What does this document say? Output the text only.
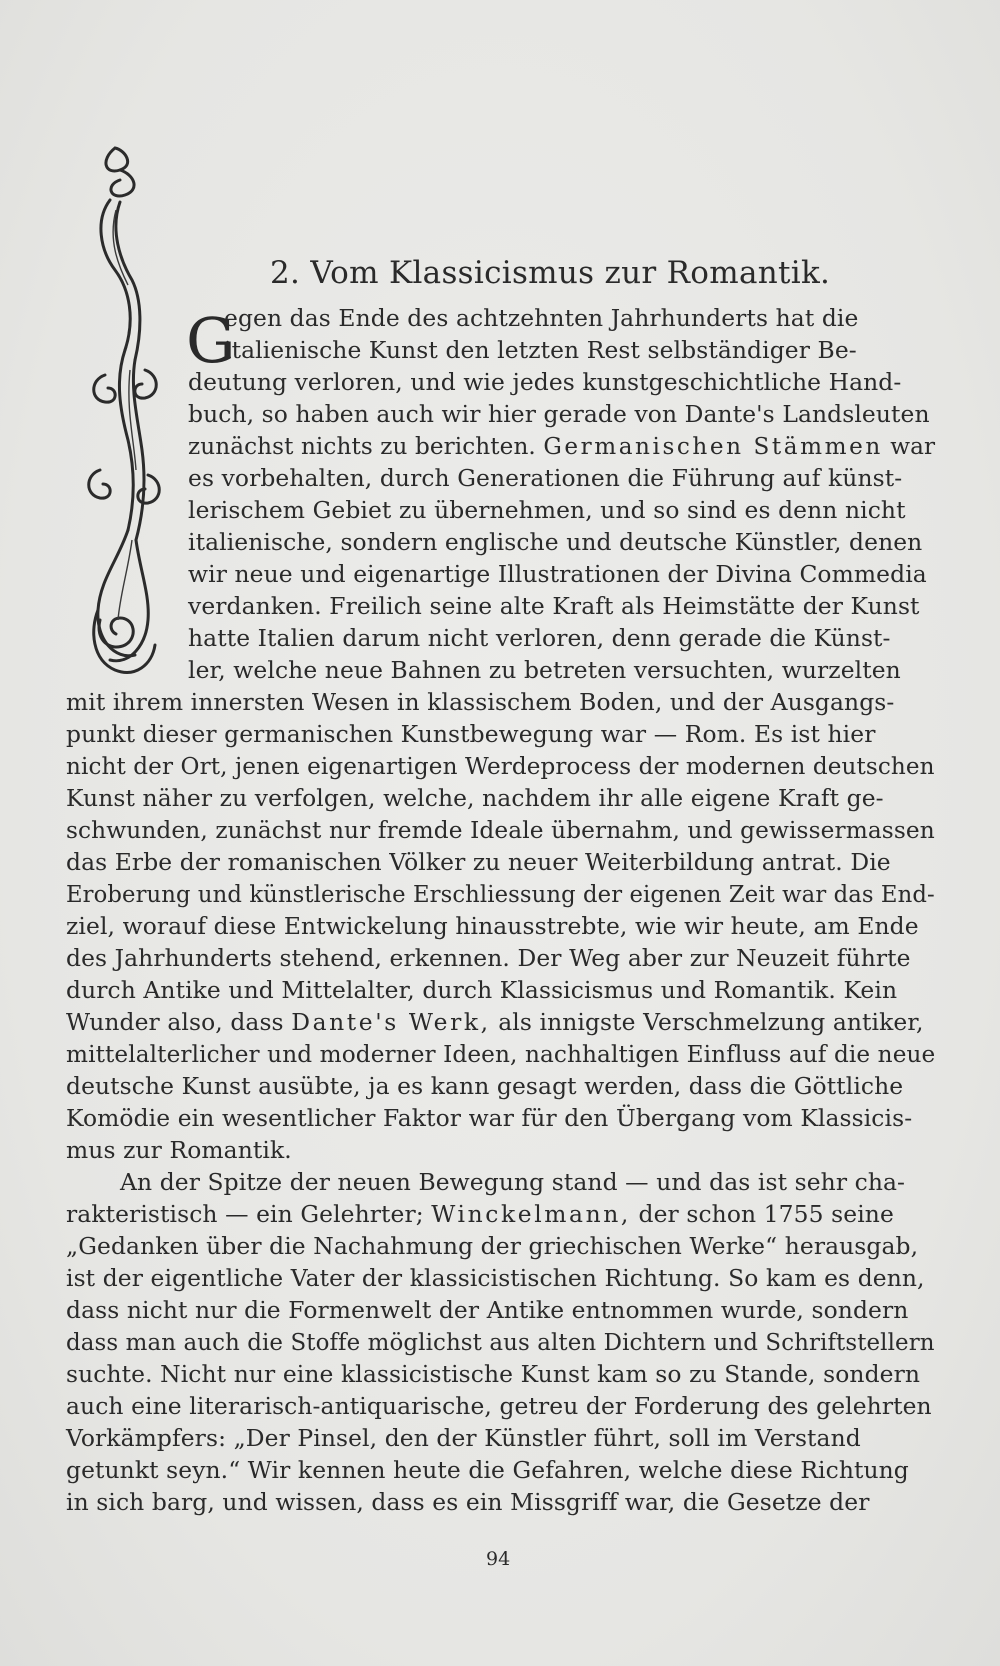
2. Vom Klassicismus zur Romantik.
G
egen das Ende des achtzehnten Jahrhunderts hat die
italienische Kunst den letzten Rest selbständiger Be-
deutung verloren, und wie jedes kunstgeschichtliche Hand-
buch, so haben auch wir hier gerade von Dante's Landsleuten
zunächst nichts zu berichten. Germanischen Stämmen war
es vorbehalten, durch Generationen die Führung auf künst-
lerischem Gebiet zu übernehmen, und so sind es denn nicht
italienische, sondern englische und deutsche Künstler, denen
wir neue und eigenartige Illustrationen der Divina Commedia
verdanken. Freilich seine alte Kraft als Heimstätte der Kunst
hatte Italien darum nicht verloren, denn gerade die Künst-
ler, welche neue Bahnen zu betreten versuchten, wurzelten
mit ihrem innersten Wesen in klassischem Boden, und der Ausgangs-
punkt dieser germanischen Kunstbewegung war — Rom. Es ist hier
nicht der Ort, jenen eigenartigen Werdeprocess der modernen deutschen
Kunst näher zu verfolgen, welche, nachdem ihr alle eigene Kraft ge-
schwunden, zunächst nur fremde Ideale übernahm, und gewissermassen
das Erbe der romanischen Völker zu neuer Weiterbildung antrat. Die
Eroberung und künstlerische Erschliessung der eigenen Zeit war das End-
ziel, worauf diese Entwickelung hinausstrebte, wie wir heute, am Ende
des Jahrhunderts stehend, erkennen. Der Weg aber zur Neuzeit führte
durch Antike und Mittelalter, durch Klassicismus und Romantik. Kein
Wunder also, dass Dante's Werk, als innigste Verschmelzung antiker,
mittelalterlicher und moderner Ideen, nachhaltigen Einfluss auf die neue
deutsche Kunst ausübte, ja es kann gesagt werden, dass die Göttliche
Komödie ein wesentlicher Faktor war für den Übergang vom Klassicis-
mus zur Romantik.
An der Spitze der neuen Bewegung stand — und das ist sehr cha-
rakteristisch — ein Gelehrter; Winckelmann, der schon 1755 seine
„Gedanken über die Nachahmung der griechischen Werke“ herausgab,
ist der eigentliche Vater der klassicistischen Richtung. So kam es denn,
dass nicht nur die Formenwelt der Antike entnommen wurde, sondern
dass man auch die Stoffe möglichst aus alten Dichtern und Schriftstellern
suchte. Nicht nur eine klassicistische Kunst kam so zu Stande, sondern
auch eine literarisch-antiquarische, getreu der Forderung des gelehrten
Vorkämpfers: „Der Pinsel, den der Künstler führt, soll im Verstand
getunkt seyn.“ Wir kennen heute die Gefahren, welche diese Richtung
in sich barg, und wissen, dass es ein Missgriff war, die Gesetze der
94
